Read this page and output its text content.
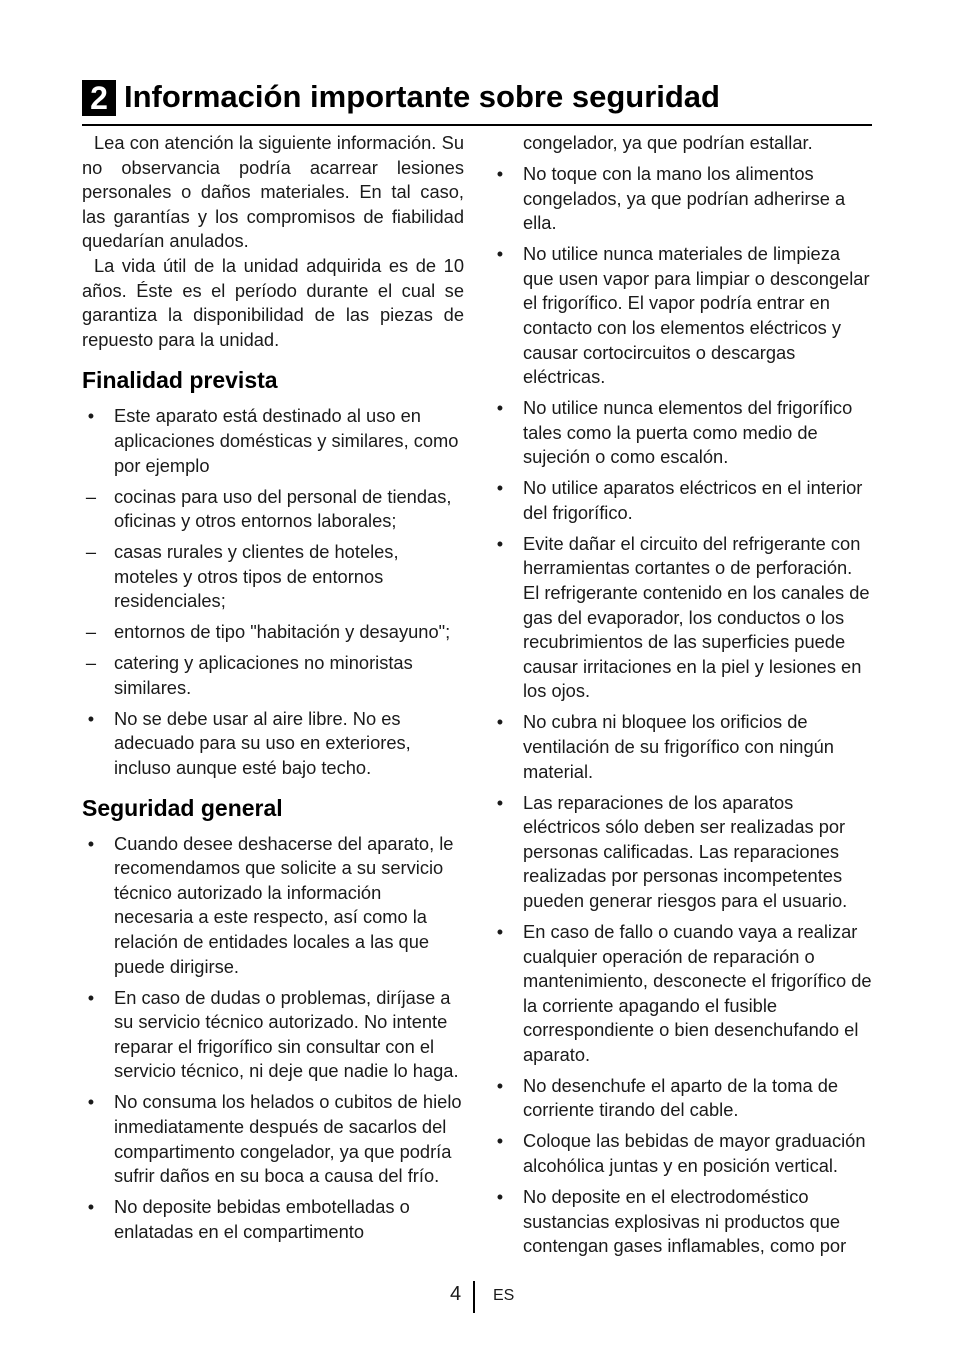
2 Información importante sobre seguridad

Lea con atención la siguiente información. Su no observancia podría acarrear lesiones personales o daños materiales. En tal caso, las garantías y los compromisos de fiabilidad quedarían anulados.

La vida útil de la unidad adquirida es de 10 años. Éste es el período durante el cual se garantiza la disponibilidad de las piezas de repuesto para la unidad.

Finalidad prevista
• Este aparato está destinado al uso en aplicaciones domésticas y similares, como por ejemplo
– cocinas para uso del personal de tiendas, oficinas y otros entornos laborales;
– casas rurales y clientes de hoteles, moteles y otros tipos de entornos residenciales;
– entornos de tipo "habitación y desayuno";
– catering y aplicaciones no minoristas similares.
• No se debe usar al aire libre. No es adecuado para su uso en exteriores, incluso aunque esté bajo techo.
Seguridad general
• Cuando desee deshacerse del aparato, le recomendamos que solicite a su servicio técnico autorizado la información necesaria a este respecto, así como la relación de entidades locales a las que puede dirigirse.
• En caso de dudas o problemas, diríjase a su servicio técnico autorizado. No intente reparar el frigorífico sin consultar con el servicio técnico, ni deje que nadie lo haga.
• No consuma los helados o cubitos de hielo inmediatamente después de sacarlos del compartimento congelador, ya que podría sufrir daños en su boca a causa del frío.
• No deposite bebidas embotelladas o enlatadas en el compartimento
congelador, ya que podrían estallar.
• No toque con la mano los alimentos congelados, ya que podrían adherirse a ella.
• No utilice nunca materiales de limpieza que usen vapor para limpiar o descongelar el frigorífico. El vapor podría entrar en contacto con los elementos eléctricos y causar cortocircuitos o descargas eléctricas.
• No utilice nunca elementos del frigorífico tales como la puerta como medio de sujeción o como escalón.
• No utilice aparatos eléctricos en el interior del frigorífico.
• Evite dañar el circuito del refrigerante con herramientas cortantes o de perforación. El refrigerante contenido en los canales de gas del evaporador, los conductos o los recubrimientos de las superficies puede causar irritaciones en la piel y lesiones en los ojos.
• No cubra ni bloquee los orificios de ventilación de su frigorífico con ningún material.
• Las reparaciones de los aparatos eléctricos sólo deben ser realizadas por personas calificadas. Las reparaciones realizadas por personas incompetentes pueden generar riesgos para el usuario.
• En caso de fallo o cuando vaya a realizar cualquier operación de reparación o mantenimiento, desconecte el frigorífico de la corriente apagando el fusible correspondiente o bien desenchufando el aparato.
• No desenchufe el aparto de la toma de corriente tirando del cable.
• Coloque las bebidas de mayor graduación alcohólica juntas y en posición vertical.
• No deposite en el electrodoméstico sustancias explosivas ni productos que contengan gases inflamables, como por
4 ES
